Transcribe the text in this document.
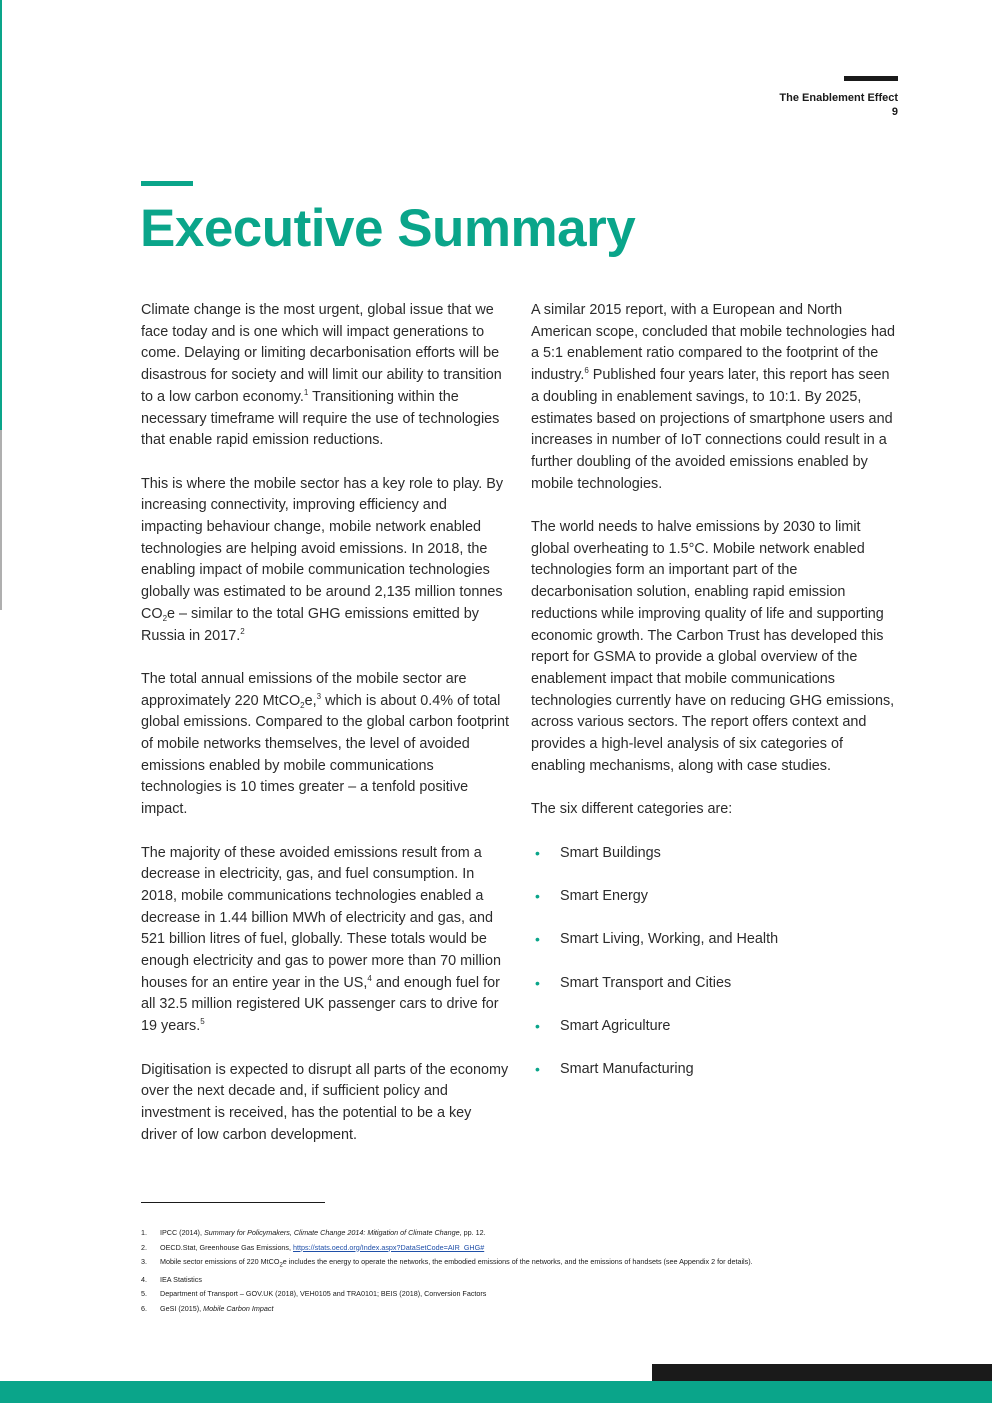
The Enablement Effect
9
Executive Summary

Climate change is the most urgent, global issue that we face today and is one which will impact generations to come. Delaying or limiting decarbonisation efforts will be disastrous for society and will limit our ability to transition to a low carbon economy.$^1$ Transitioning within the necessary timeframe will require the use of technologies that enable rapid emission reductions.

This is where the mobile sector has a key role to play. By increasing connectivity, improving efficiency and impacting behaviour change, mobile network enabled technologies are helping avoid emissions. In 2018, the enabling impact of mobile communication technologies globally was estimated to be around 2,135 million tonnes $CO_2e$ – similar to the total GHG emissions emitted by Russia in 2017.$^2$

The total annual emissions of the mobile sector are approximately 220 MtCO$_2$e,$^3$ which is about 0.4% of total global emissions. Compared to the global carbon footprint of mobile networks themselves, the level of avoided emissions enabled by mobile communications technologies is 10 times greater – a tenfold positive impact.

The majority of these avoided emissions result from a decrease in electricity, gas, and fuel consumption. In 2018, mobile communications technologies enabled a decrease in 1.44 billion MWh of electricity and gas, and 521 billion litres of fuel, globally. These totals would be enough electricity and gas to power more than 70 million houses for an entire year in the US,$^4$ and enough fuel for all 32.5 million registered UK passenger cars to drive for 19 years.$^5$

Digitisation is expected to disrupt all parts of the economy over the next decade and, if sufficient policy and investment is received, has the potential to be a key driver of low carbon development.

A similar 2015 report, with a European and North American scope, concluded that mobile technologies had a 5:1 enablement ratio compared to the footprint of the industry.$^6$ Published four years later, this report has seen a doubling in enablement savings, to 10:1. By 2025, estimates based on projections of smartphone users and increases in number of IoT connections could result in a further doubling of the avoided emissions enabled by mobile technologies.

The world needs to halve emissions by 2030 to limit global overheating to 1.5°C. Mobile network enabled technologies form an important part of the decarbonisation solution, enabling rapid emission reductions while improving quality of life and supporting economic growth. The Carbon Trust has developed this report for GSMA to provide a global overview of the enablement impact that mobile communications technologies currently have on reducing GHG emissions, across various sectors. The report offers context and provides a high-level analysis of six categories of enabling mechanisms, along with case studies.

The six different categories are:

• Smart Buildings
• Smart Energy
• Smart Living, Working, and Health
• Smart Transport and Cities
• Smart Agriculture
• Smart Manufacturing
1. IPCC (2014), Summary for Policymakers, Climate Change 2014: Mitigation of Climate Change, pp. 12.
2. OECD.Stat, Greenhouse Gas Emissions, https://stats.oecd.org/Index.aspx?DataSetCode=AIR_GHG#
3. Mobile sector emissions of 220 MtCO$_2$e includes the energy to operate the networks, the embodied emissions of the networks, and the emissions of handsets (see Appendix 2 for details).
4. IEA Statistics
5. Department of Transport – GOV.UK (2018), VEH0105 and TRA0101; BEIS (2018), Conversion Factors
6. GeSI (2015), Mobile Carbon Impact
